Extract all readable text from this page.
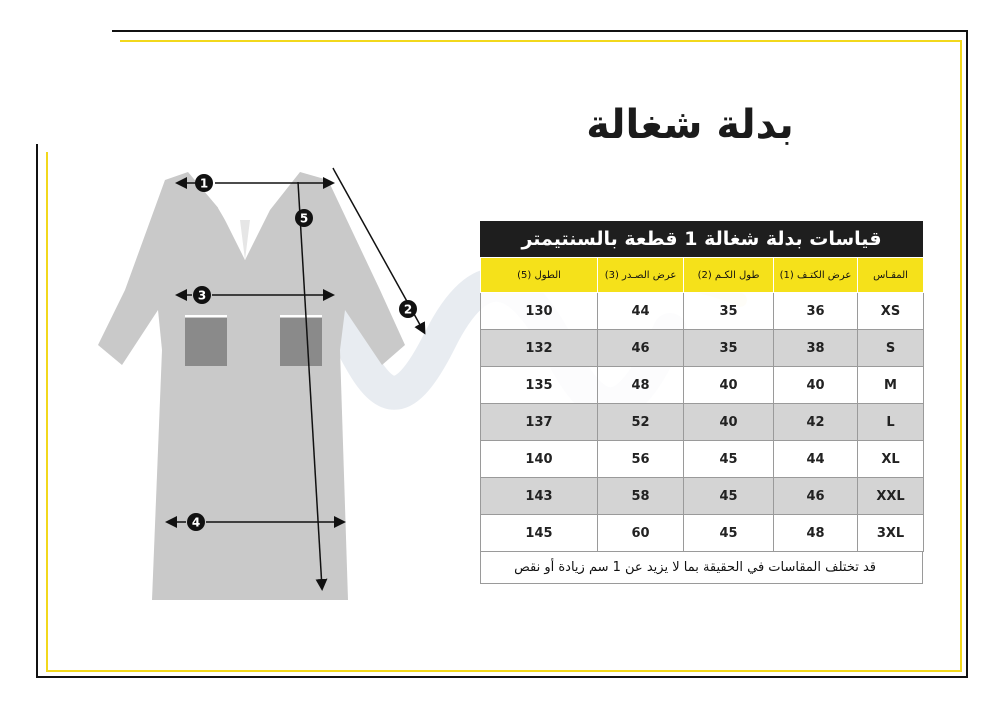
بدلة شغالة
1
2
3
4
5
قياسات بدلة شغالة 1 قطعة بالسنتيمتر
المقـاس	عرض الكتـف (1)	طول الكـم (2)	عرض الصـدر (3)	الطول (5)
XS	36	35	44	130
S	38	35	46	132
M	40	40	48	135
L	42	40	52	137
XL	44	45	56	140
XXL	46	45	58	143
3XL	48	45	60	145
قد تختلف المقاسات في الحقيقة بما لا يزيد عن 1 سم زيادة أو نقص
